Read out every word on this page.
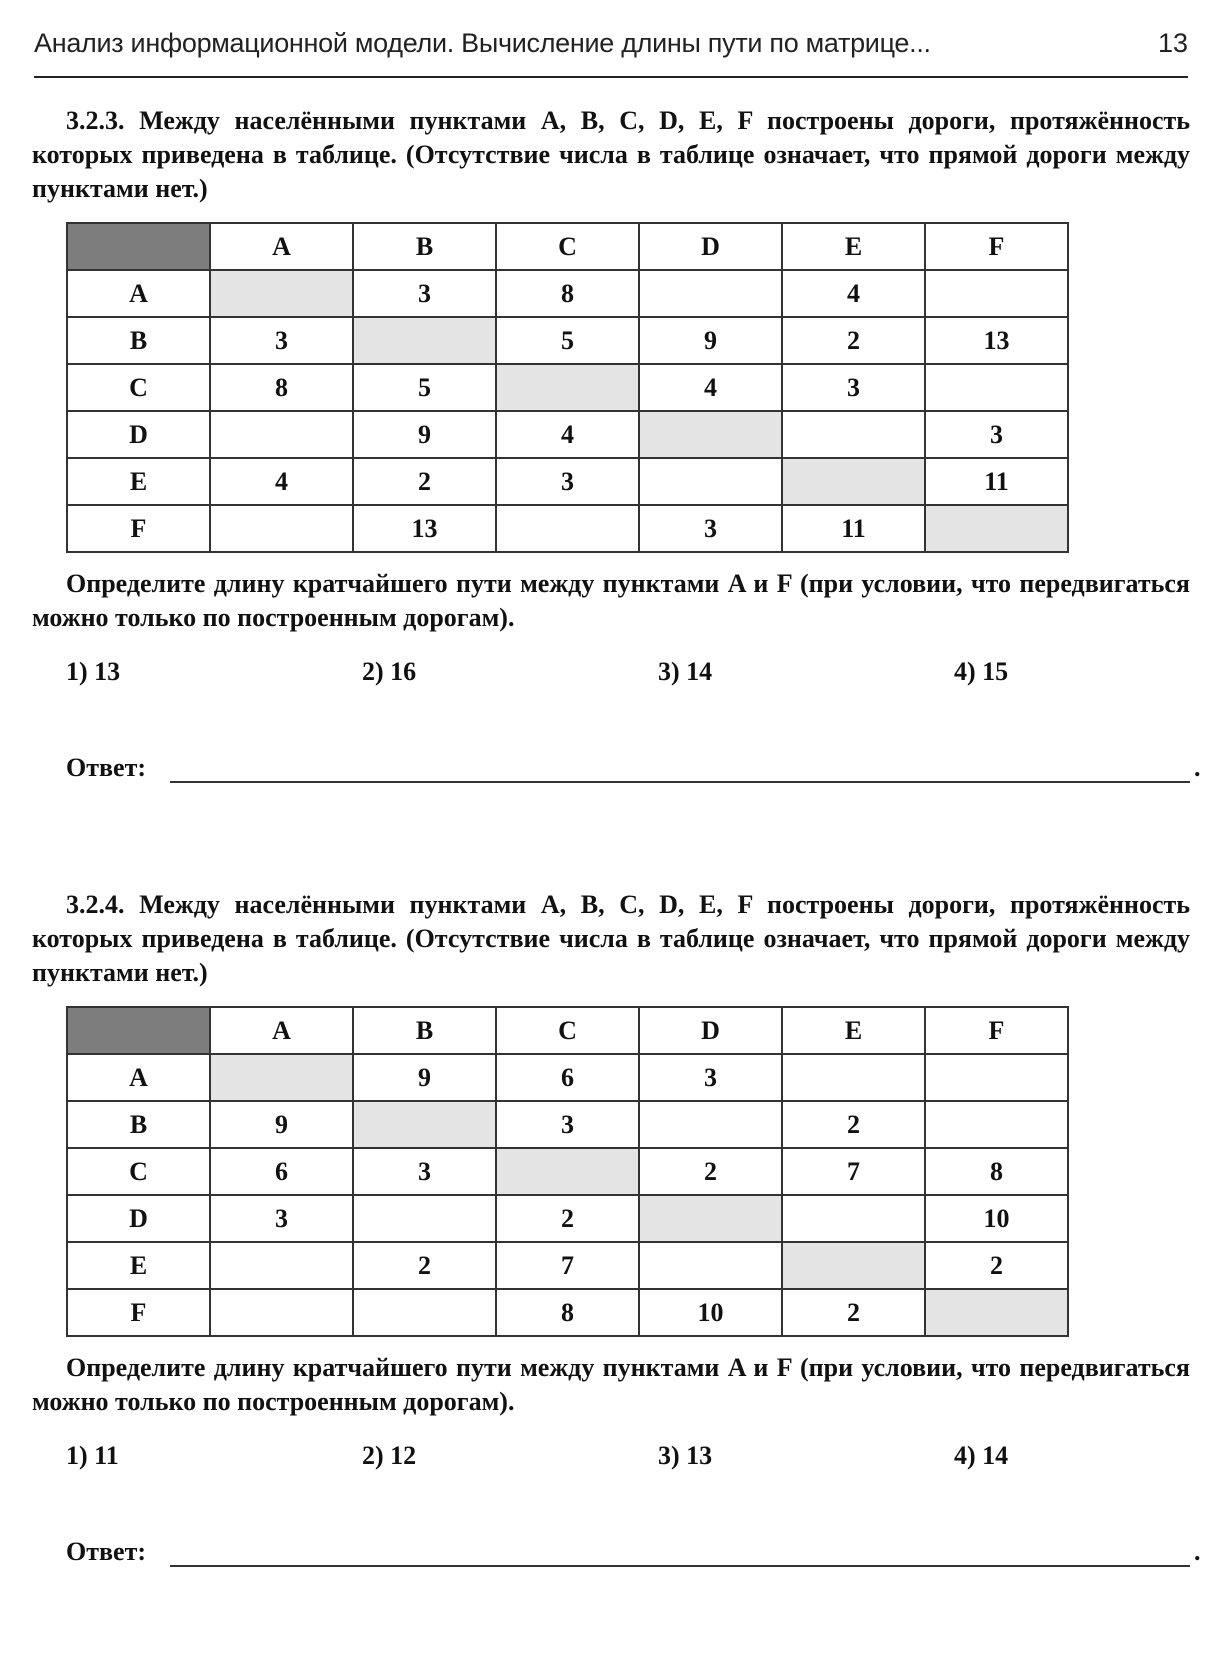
Анализ информационной модели. Вычисление длины пути по матрице...	13

3.2.3. Между населёнными пунктами A, B, C, D, E, F построены дороги, протяжённость которых приведена в таблице. (Отсутствие числа в таблице означает, что прямой дороги между пунктами нет.)

	A	B	C	D	E	F
A		3	8		4	
B	3		5	9	2	13
C	8	5		4	3	
D		9	4			3
E	4	2	3			11
F		13		3	11	

Определите длину кратчайшего пути между пунктами A и F (при условии, что передвигаться можно только по построенным дорогам).

1) 13	2) 16	3) 14	4) 15
Ответ:	.

3.2.4. Между населёнными пунктами A, B, C, D, E, F построены дороги, протяжённость которых приведена в таблице. (Отсутствие числа в таблице означает, что прямой дороги между пунктами нет.)

	A	B	C	D	E	F
A		9	6	3		
B	9		3		2	
C	6	3		2	7	8
D	3		2			10
E		2	7			2
F			8	10	2	

Определите длину кратчайшего пути между пунктами A и F (при условии, что передвигаться можно только по построенным дорогам).

1) 11	2) 12	3) 13	4) 14
Ответ:	.
